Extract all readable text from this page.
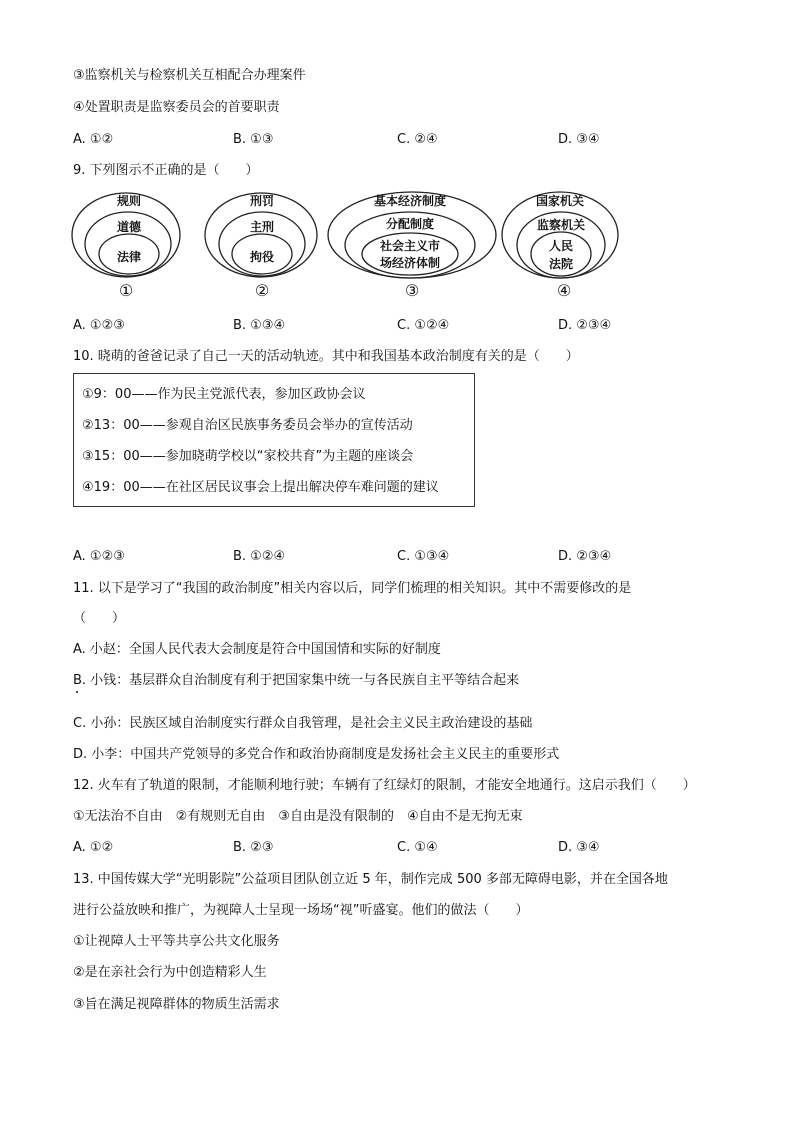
③监察机关与检察机关互相配合办理案件
④处置职责是监察委员会的首要职责
A. ①②	B. ①③	C. ②④	D. ③④
9. 下列图示不正确的是（　　）
规则
道德
法律
①
刑罚
主刑
拘役
②
基本经济制度
分配制度
社会主义市
场经济体制
③
国家机关
监察机关
人民
法院
④
A. ①②③	B. ①③④	C. ①②④	D. ②③④
10. 晓萌的爸爸记录了自己一天的活动轨迹。其中和我国基本政治制度有关的是（　　）
①9：00——作为民主党派代表，参加区政协会议
②13：00——参观自治区民族事务委员会举办的宣传活动
③15：00——参加晓萌学校以“家校共育”为主题的座谈会
④19：00——在社区居民议事会上提出解决停车难问题的建议
A. ①②③	B. ①②④	C. ①③④	D. ②③④
11. 以下是学习了“我国的政治制度”相关内容以后，同学们梳理的相关知识。其中不需要修改的是
（　　）
A. 小赵：全国人民代表大会制度是符合中国国情和实际的好制度
B. 小钱：基层群众自治制度有利于把国家集中统一与各民族自主平等结合起来
C. 小孙：民族区域自治制度实行群众自我管理，是社会主义民主政治建设的基础
D. 小李：中国共产党领导的多党合作和政治协商制度是发扬社会主义民主的重要形式
12. 火车有了轨道的限制，才能顺利地行驶；车辆有了红绿灯的限制，才能安全地通行。这启示我们（　　）
①无法治不自由　②有规则无自由　③自由是没有限制的　④自由不是无拘无束
A. ①②	B. ②③	C. ①④	D. ③④
13. 中国传媒大学“光明影院”公益项目团队创立近 5 年，制作完成 500 多部无障碍电影，并在全国各地
进行公益放映和推广，为视障人士呈现一场场“视”听盛宴。他们的做法（　　）
①让视障人士平等共享公共文化服务
②是在亲社会行为中创造精彩人生
③旨在满足视障群体的物质生活需求
